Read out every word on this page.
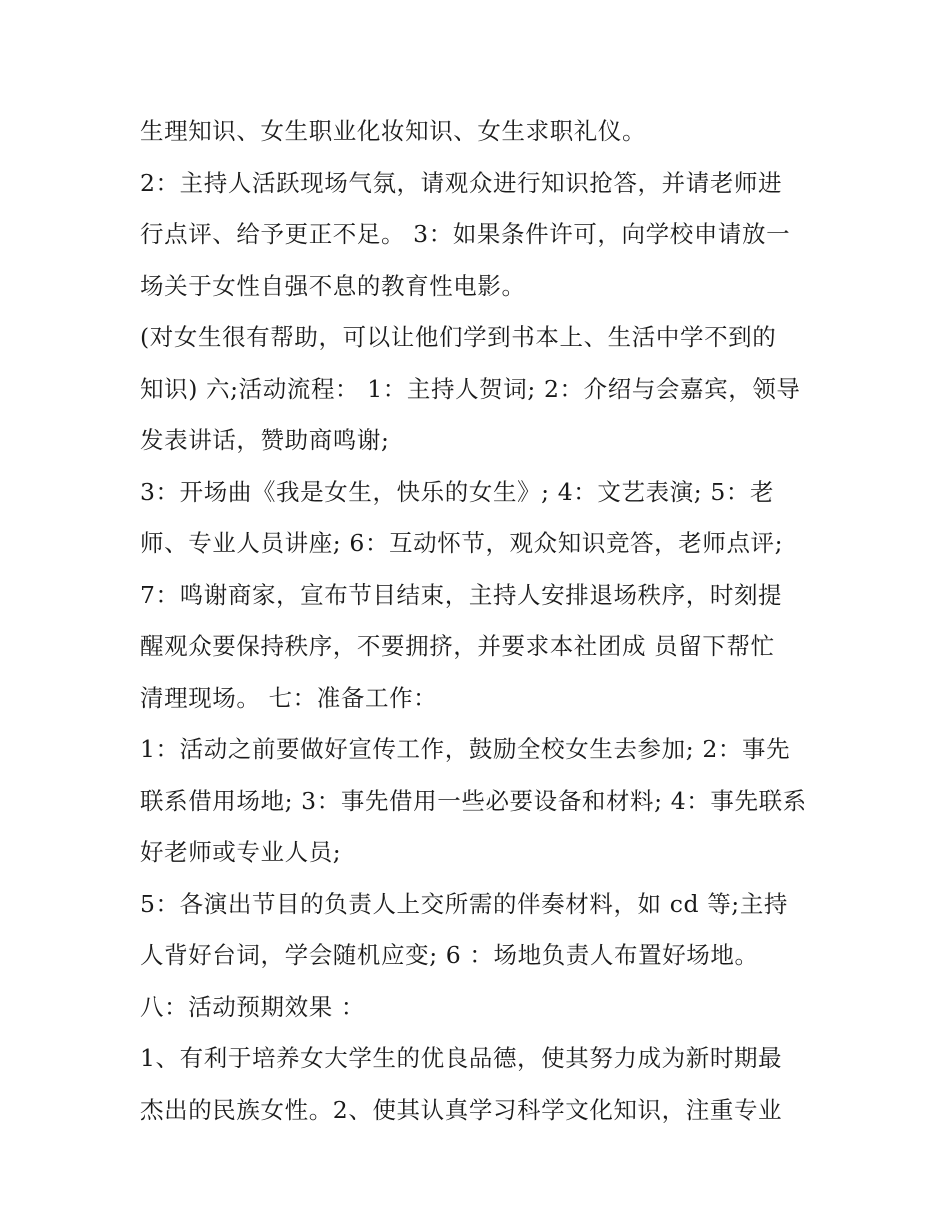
生理知识、女生职业化妆知识、女生求职礼仪。
2：主持人活跃现场气氛，请观众进行知识抢答，并请老师进
行点评、给予更正不足。 3：如果条件许可，向学校申请放一
场关于女性自强不息的教育性电影。
(对女生很有帮助，可以让他们学到书本上、生活中学不到的
知识) 六;活动流程： 1：主持人贺词; 2：介绍与会嘉宾，领导
发表讲话，赞助商鸣谢;
3：开场曲《我是女生，快乐的女生》; 4：文艺表演; 5：老
师、专业人员讲座; 6：互动怀节，观众知识竞答，老师点评;
7：鸣谢商家，宣布节目结束，主持人安排退场秩序，时刻提
醒观众要保持秩序，不要拥挤，并要求本社团成 员留下帮忙
清理现场。 七：准备工作：
1：活动之前要做好宣传工作，鼓励全校女生去参加; 2：事先
联系借用场地; 3：事先借用一些必要设备和材料; 4：事先联系
好老师或专业人员;
5：各演出节目的负责人上交所需的伴奏材料，如 cd 等;主持
人背好台词，学会随机应变; 6 ：场地负责人布置好场地。
八：活动预期效果 ：
1、有利于培养女大学生的优良品德，使其努力成为新时期最
杰出的民族女性。2、使其认真学习科学文化知识，注重专业
